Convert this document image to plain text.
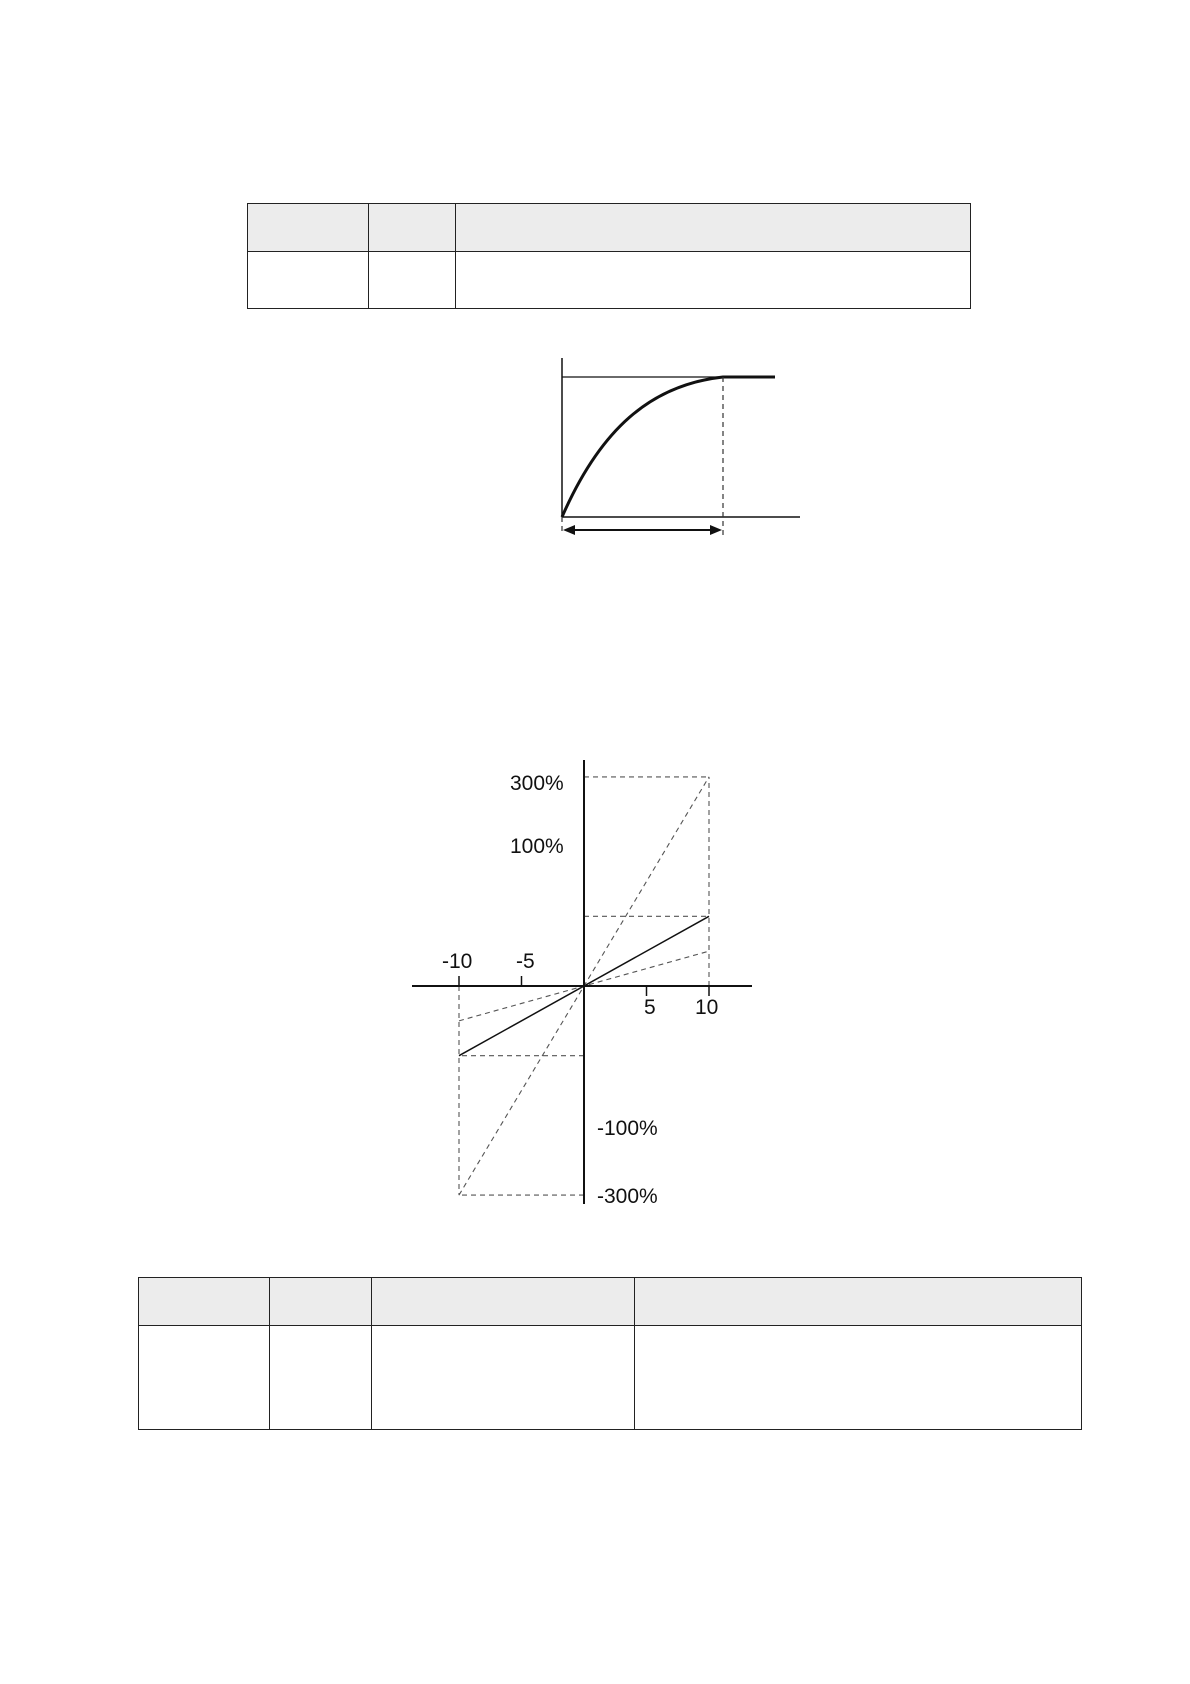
-10 -5
5 10
300%
100%
-100%
-300%
